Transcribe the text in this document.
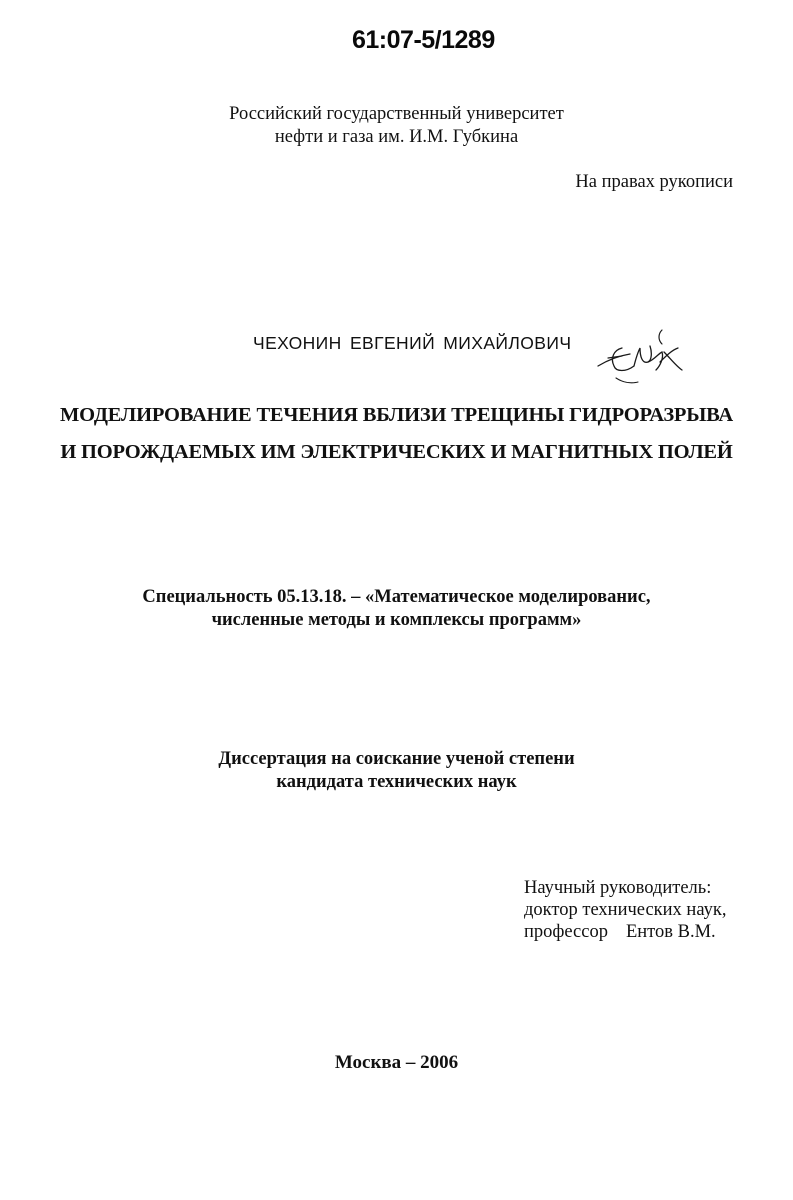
61:07-5/1289
Российский государственный университет
нефти и газа им. И.М. Губкина
На правах рукописи
ЧЕХОНИН ЕВГЕНИЙ МИХАЙЛОВИЧ
МОДЕЛИРОВАНИЕ ТЕЧЕНИЯ ВБЛИЗИ ТРЕЩИНЫ ГИДРОРАЗРЫВА
И ПОРОЖДАЕМЫХ ИМ ЭЛЕКТРИЧЕСКИХ И МАГНИТНЫХ ПОЛЕЙ
Специальность 05.13.18. – «Математическое моделированис,
численные методы и комплексы программ»
Диссертация на соискание ученой степени
кандидата технических наук
Научный руководитель:
доктор технических наук,
профессор Ентов В.М.
Москва – 2006
